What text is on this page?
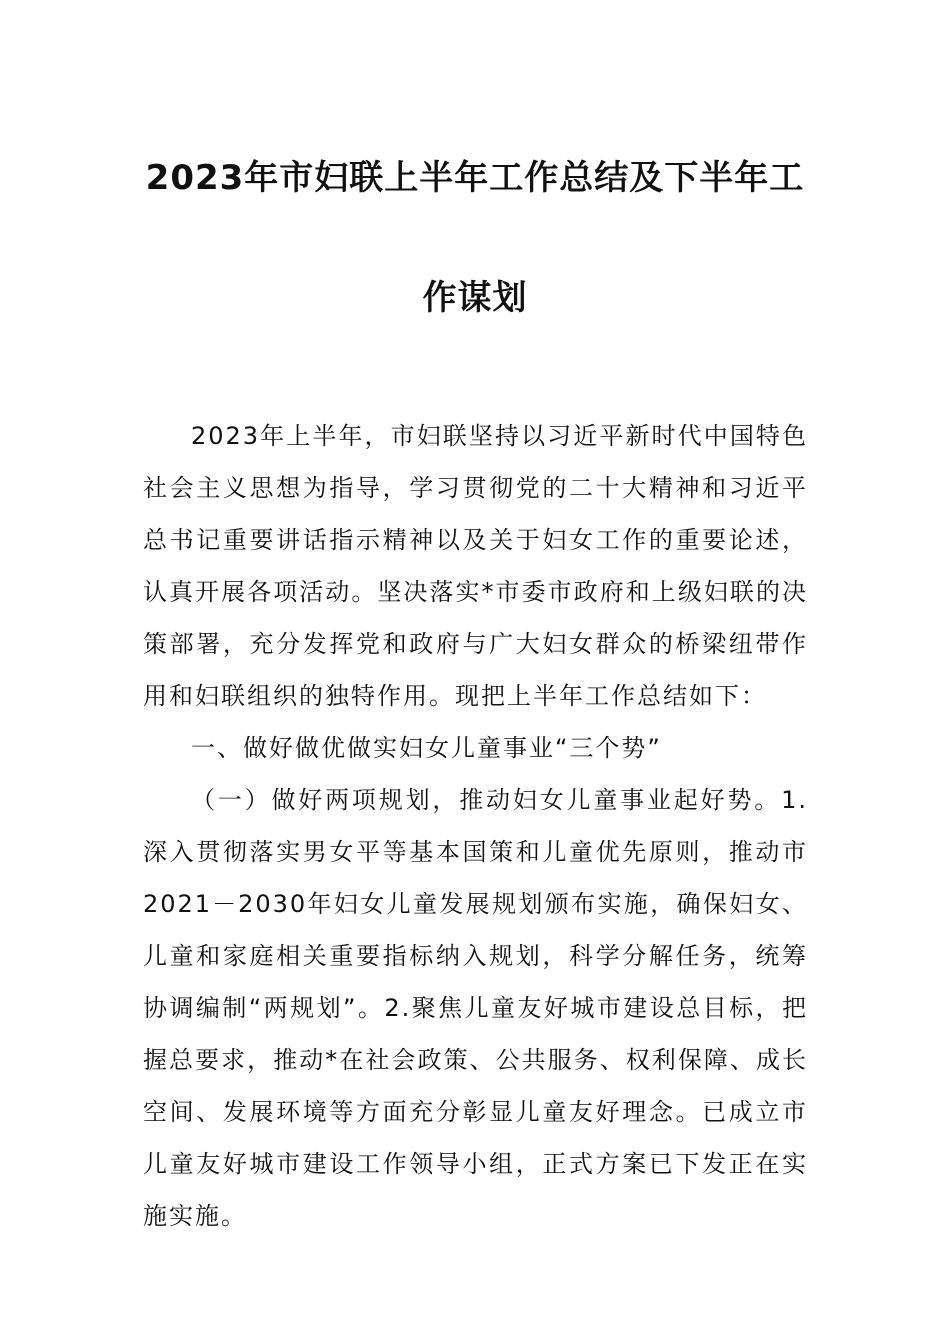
2023年市妇联上半年工作总结及下半年工
作谋划

2023年上半年，市妇联坚持以习近平新时代中国特色社会主义思想为指导，学习贯彻党的二十大精神和习近平总书记重要讲话指示精神以及关于妇女工作的重要论述，认真开展各项活动。坚决落实*市委市政府和上级妇联的决策部署，充分发挥党和政府与广大妇女群众的桥梁纽带作用和妇联组织的独特作用。现把上半年工作总结如下：

一、做好做优做实妇女儿童事业“三个势”

（一）做好两项规划，推动妇女儿童事业起好势。1.深入贯彻落实男女平等基本国策和儿童优先原则，推动市2021－2030年妇女儿童发展规划颁布实施，确保妇女、儿童和家庭相关重要指标纳入规划，科学分解任务，统筹协调编制“两规划”。2.聚焦儿童友好城市建设总目标，把握总要求，推动*在社会政策、公共服务、权利保障、成长空间、发展环境等方面充分彰显儿童友好理念。已成立市儿童友好城市建设工作领导小组，正式方案已下发正在实施实施。
